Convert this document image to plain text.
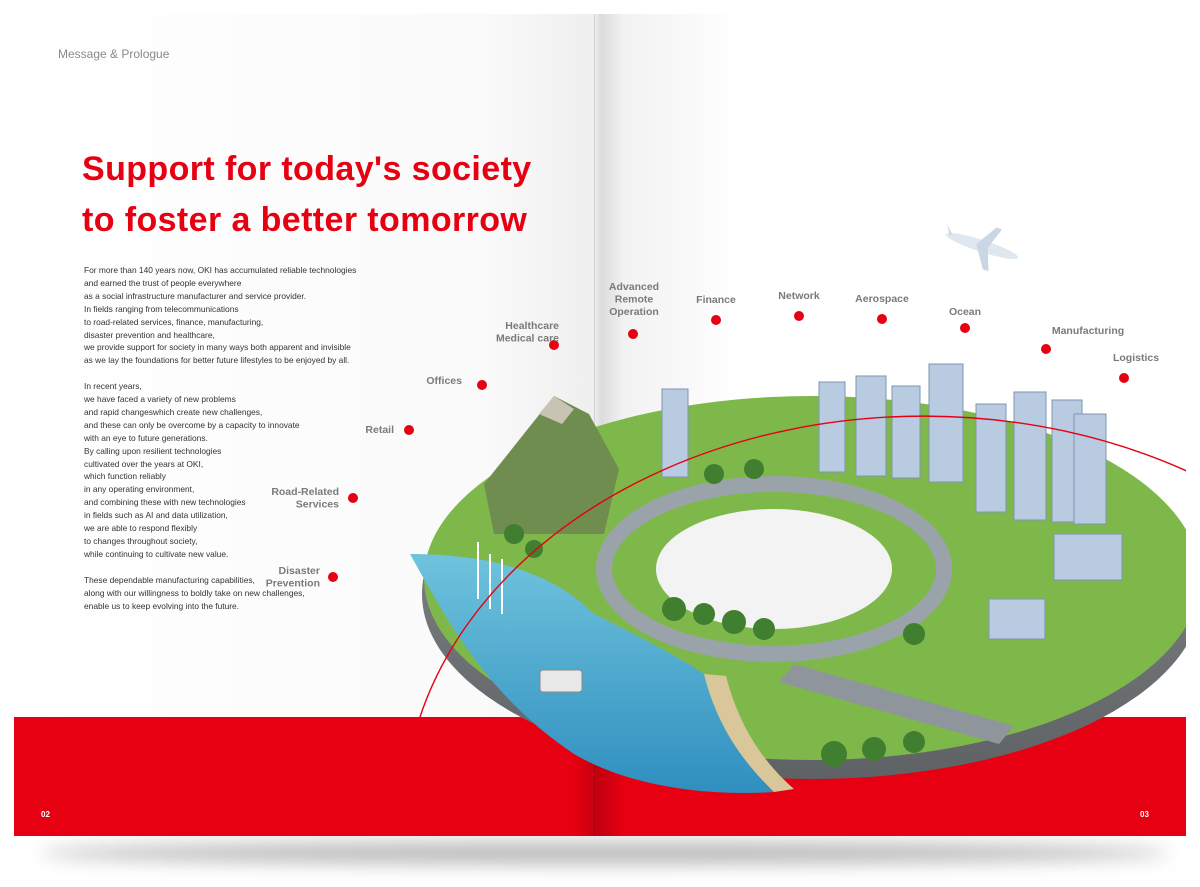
Message & Prologue

Support for today's society
to foster a better tomorrow

For more than 140 years now, OKI has accumulated reliable technologies
and earned the trust of people everywhere
as a social infrastructure manufacturer and service provider.
In fields ranging from telecommunications
to road-related services, finance, manufacturing,
disaster prevention and healthcare,
we provide support for society in many ways both apparent and invisible
as we lay the foundations for better future lifestyles to be enjoyed by all.

In recent years,
we have faced a variety of new problems
and rapid changeswhich create new challenges,
and these can only be overcome by a capacity to innovate
with an eye to future generations.
By calling upon resilient technologies
cultivated over the years at OKI,
which function reliably
in any operating environment,
and combining these with new technologies
in fields such as AI and data utilization,
we are able to respond flexibly
to changes throughout society,
while continuing to cultivate new value.

These dependable manufacturing capabilities,
along with our willingness to boldly take on new challenges,
enable us to keep evolving into the future.

Disaster Prevention
Road-Related Services
Retail
Offices
Healthcare Medical care
Advanced Remote Operation
Finance	Network	Aerospace
Ocean
Manufacturing
Logistics
02	03
